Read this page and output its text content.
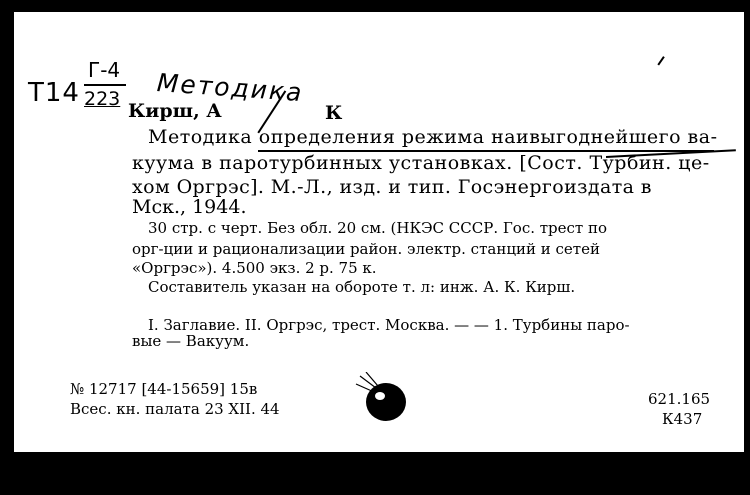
Т14
Г-4
223 Методика
Кирш, А	К
Методика определения режима наивыгоднейшего ва-
куума в паротурбинных установках. [Сост. Турбин. це-
хом Оргрэс]. М.-Л., изд. и тип. Госэнергоиздата в
Мск., 1944.
30 стр. с черт. Без обл. 20 см. (НКЭС СССР. Гос. трест по
орг-ции и рационализации район. электр. станций и сетей
«Оргрэс»). 4.500 экз. 2 р. 75 к.
Составитель указан на обороте т. л: инж. А. К. Кирш.
I. Заглавие. II. Оргрэс, трест. Москва. — — 1. Турбины паро-
вые — Вакуум.
№ 12717 [44-15659] 15в
Всес. кн. палата 23 ХII. 44
621.165
К437
